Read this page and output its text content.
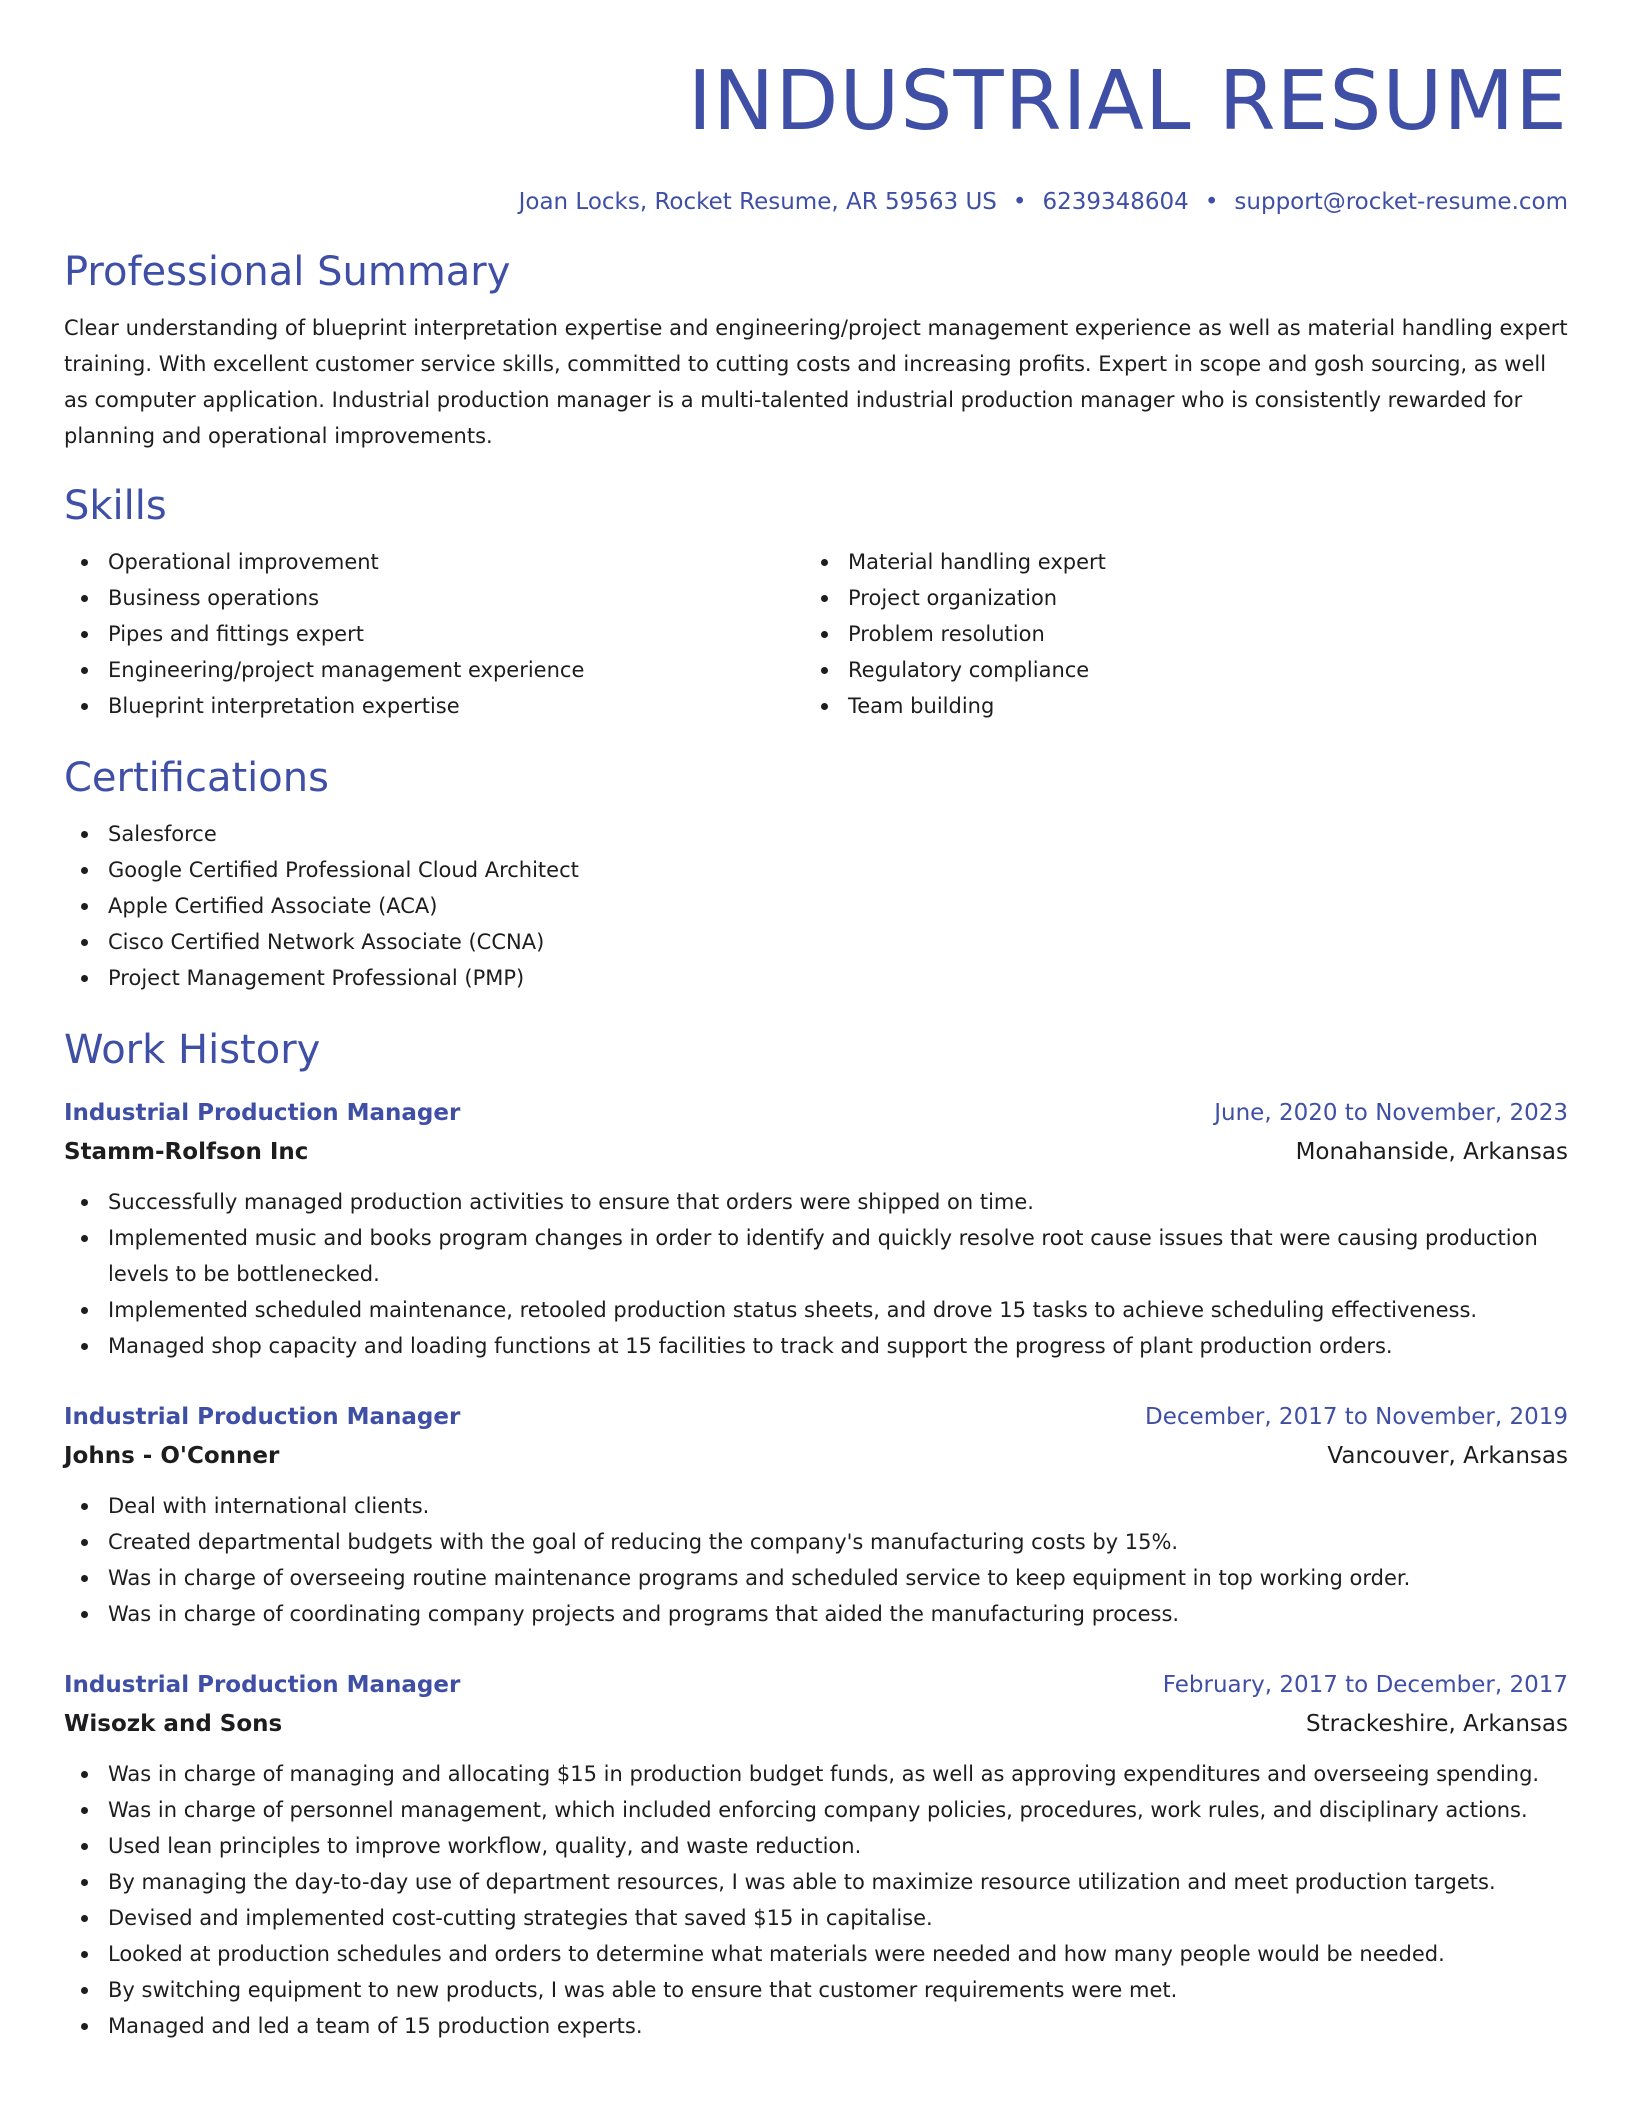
INDUSTRIAL RESUME
Joan Locks, Rocket Resume, AR 59563 US • 6239348604 • support@rocket-resume.com
Professional Summary

Clear understanding of blueprint interpretation expertise and engineering/project management experience as well as material handling expert training. With excellent customer service skills, committed to cutting costs and increasing profits. Expert in scope and gosh sourcing, as well as computer application. Industrial production manager is a multi-talented industrial production manager who is consistently rewarded for planning and operational improvements.

Skills
Operational improvement
Business operations
Pipes and fittings expert
Engineering/project management experience
Blueprint interpretation expertise
Material handling expert
Project organization
Problem resolution
Regulatory compliance
Team building
Certifications
Salesforce
Google Certified Professional Cloud Architect
Apple Certified Associate (ACA)
Cisco Certified Network Associate (CCNA)
Project Management Professional (PMP)
Work History
Industrial Production Manager	June, 2020 to November, 2023
Stamm-Rolfson Inc	Monahanside, Arkansas
Successfully managed production activities to ensure that orders were shipped on time.
Implemented music and books program changes in order to identify and quickly resolve root cause issues that were causing production levels to be bottlenecked.
Implemented scheduled maintenance, retooled production status sheets, and drove 15 tasks to achieve scheduling effectiveness.
Managed shop capacity and loading functions at 15 facilities to track and support the progress of plant production orders.
Industrial Production Manager	December, 2017 to November, 2019
Johns - O'Conner	Vancouver, Arkansas
Deal with international clients.
Created departmental budgets with the goal of reducing the company's manufacturing costs by 15%.
Was in charge of overseeing routine maintenance programs and scheduled service to keep equipment in top working order.
Was in charge of coordinating company projects and programs that aided the manufacturing process.
Industrial Production Manager	February, 2017 to December, 2017
Wisozk and Sons	Strackeshire, Arkansas
Was in charge of managing and allocating $15 in production budget funds, as well as approving expenditures and overseeing spending.
Was in charge of personnel management, which included enforcing company policies, procedures, work rules, and disciplinary actions.
Used lean principles to improve workflow, quality, and waste reduction.
By managing the day-to-day use of department resources, I was able to maximize resource utilization and meet production targets.
Devised and implemented cost-cutting strategies that saved $15 in capitalise.
Looked at production schedules and orders to determine what materials were needed and how many people would be needed.
By switching equipment to new products, I was able to ensure that customer requirements were met.
Managed and led a team of 15 production experts.
